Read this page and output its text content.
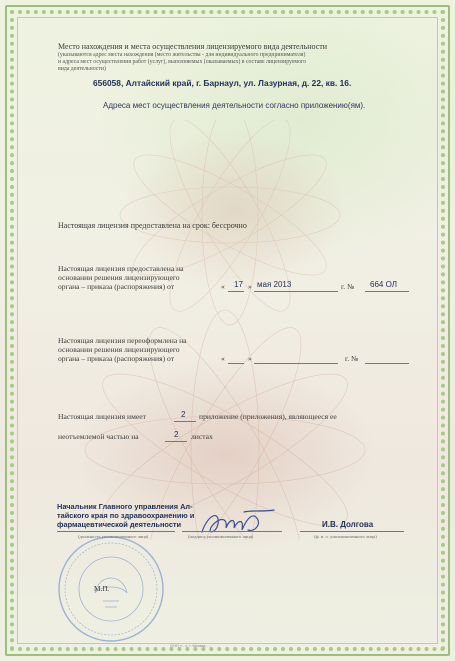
Место нахождения и места осуществления лицензируемого вида деятельности
(указываются адрес места нахождения (место жительства - для индивидуального предпринимателя)
и адреса мест осуществления работ (услуг), выполняемых (оказываемых) в составе лицензируемого
вида деятельности)
656058, Алтайский край, г. Барнаул, ул. Лазурная, д. 22, кв. 16.
Адреса мест осуществления деятельности согласно приложению(ям).
Настоящая лицензия предоставлена на срок: бессрочно
Настоящая лицензия предоставлена на
основании решения лицензирующего
органа – приказа (распоряжения) от	« 17 » мая 2013	г. № 664 ОЛ
Настоящая лицензия переоформлена на
основании решения лицензирующего
органа – приказа (распоряжения) от	«	»	г. №
Настоящая лицензия имеет	2 приложение (приложения), являющееся ее
неотъемлемой частью на	2 листах
Начальник Главного управления Ал-
тайского края по здравоохранению и
фармацевтической деятельности
(должность уполномоченного лица)	(подпись уполномоченного лица)
И.В. Долгова
(ф. и. о. уполномоченного лица)
М.П.
ООО «...», г. Москва, ...
